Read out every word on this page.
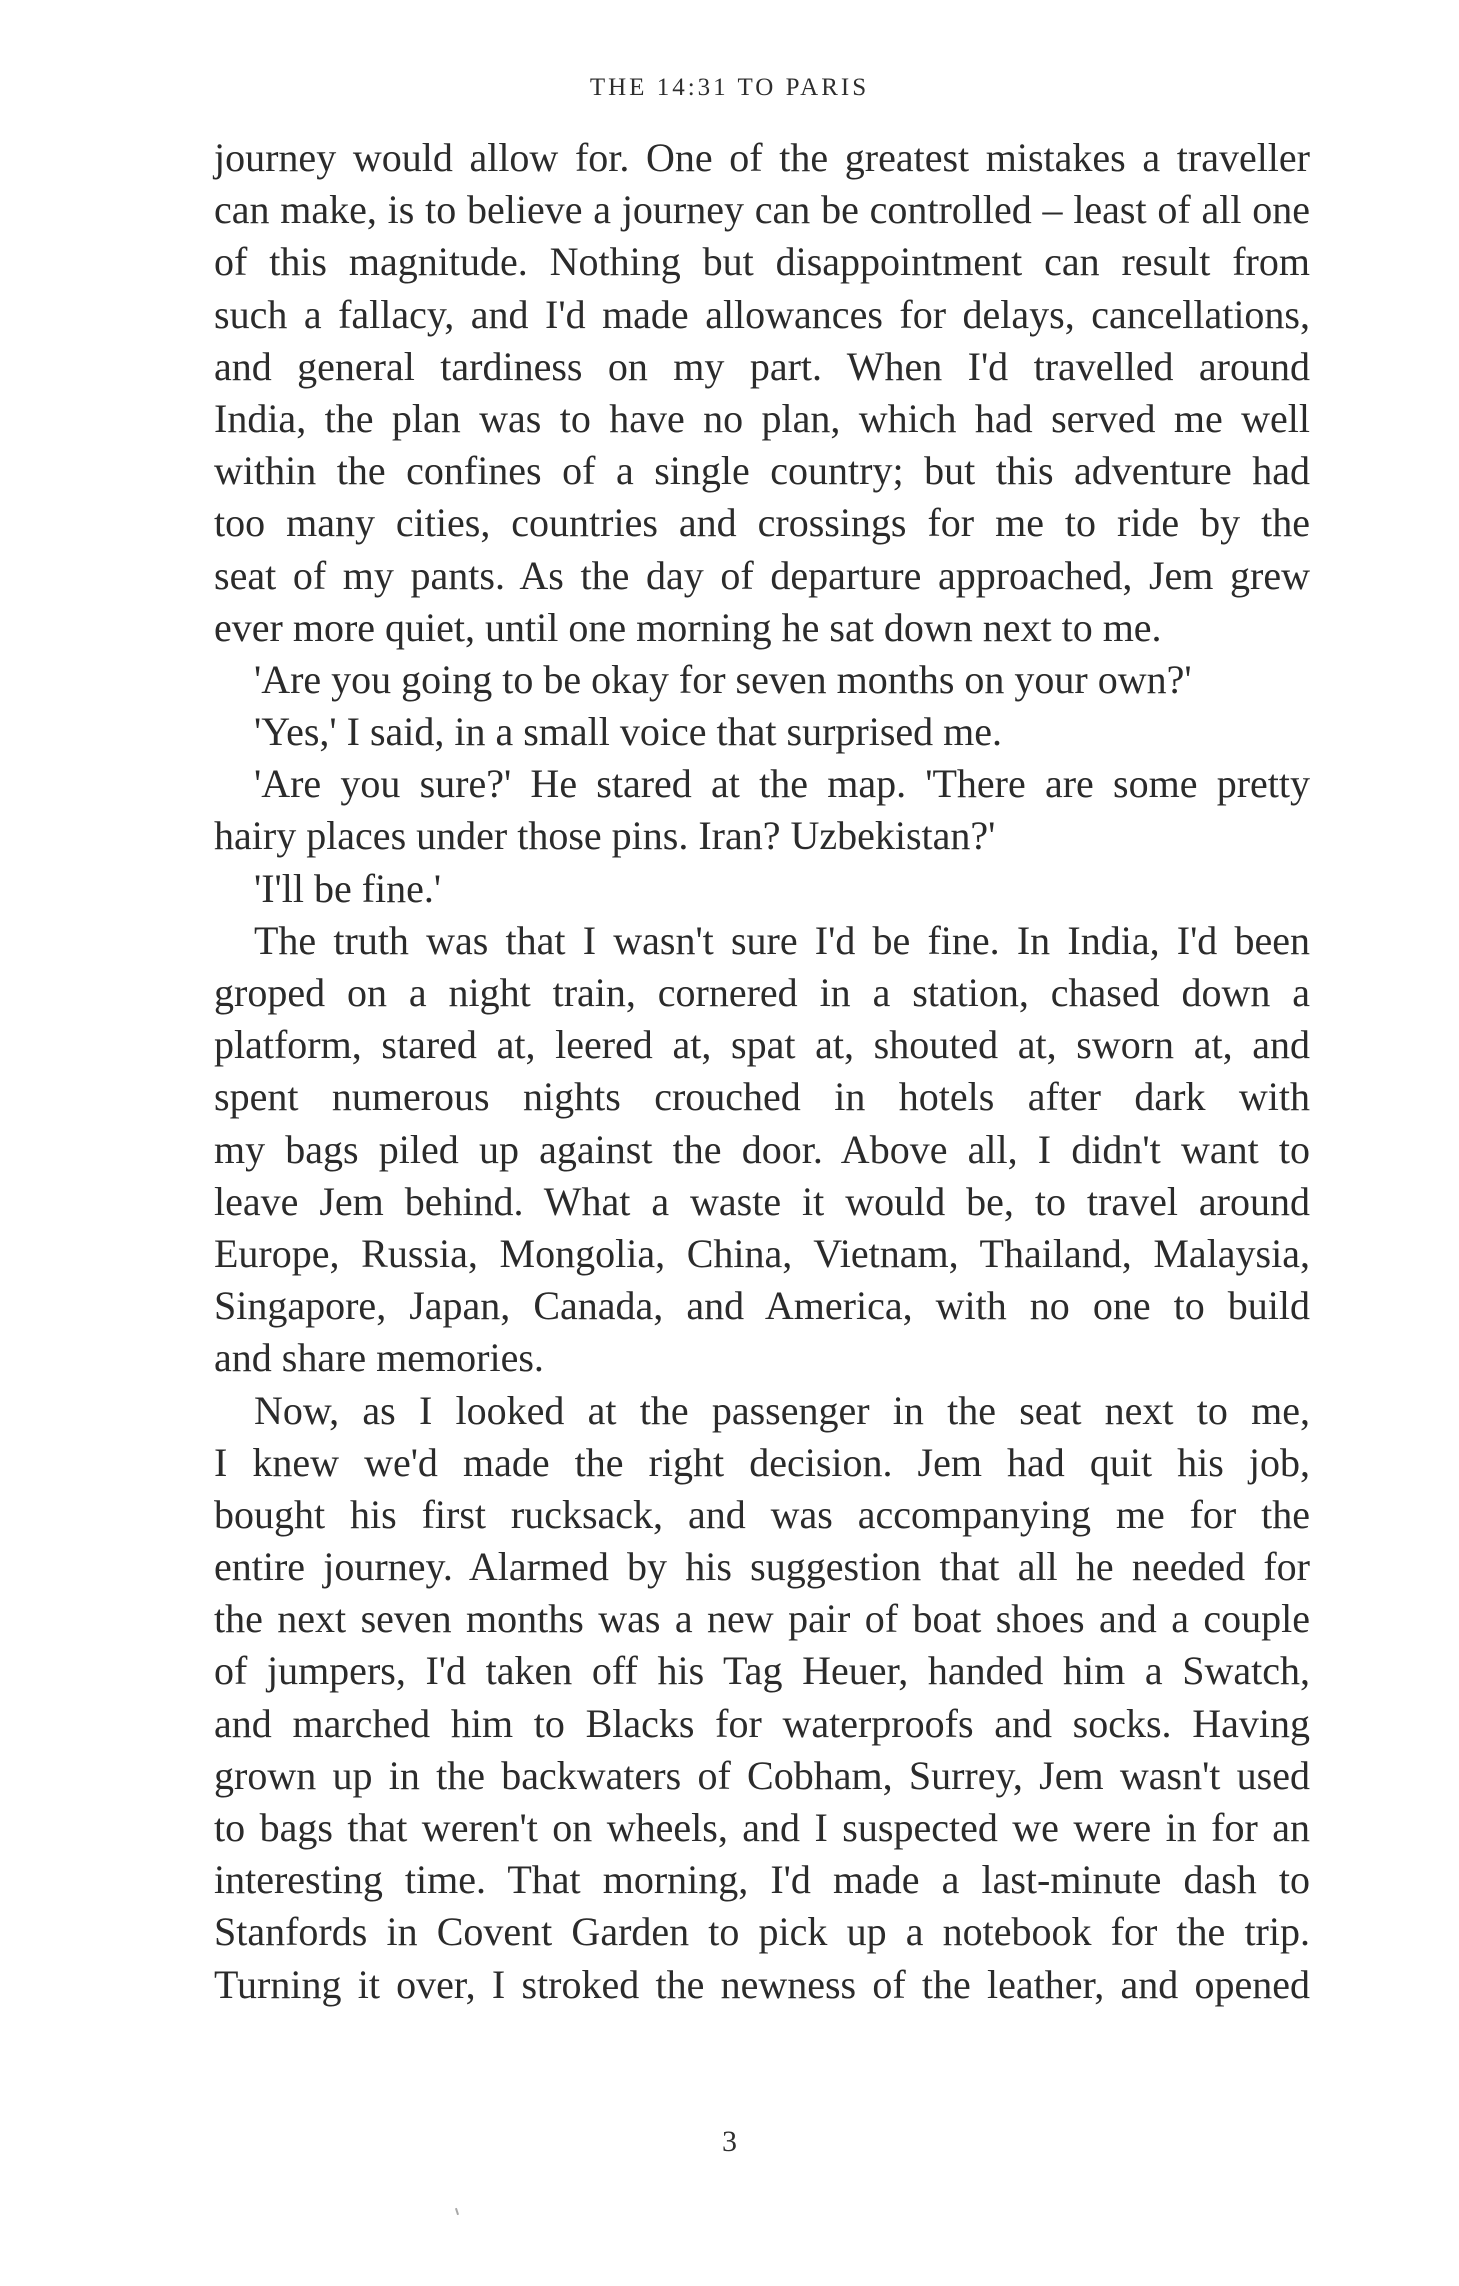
THE 14:31 TO PARIS
journey would allow for. One of the greatest mistakes a traveller
can make, is to believe a journey can be controlled – least of all one
of this magnitude. Nothing but disappointment can result from
such a fallacy, and I'd made allowances for delays, cancellations,
and general tardiness on my part. When I'd travelled around
India, the plan was to have no plan, which had served me well
within the confines of a single country; but this adventure had
too many cities, countries and crossings for me to ride by the
seat of my pants. As the day of departure approached, Jem grew
ever more quiet, until one morning he sat down next to me.
'Are you going to be okay for seven months on your own?'
'Yes,' I said, in a small voice that surprised me.
'Are you sure?' He stared at the map. 'There are some pretty
hairy places under those pins. Iran? Uzbekistan?'
'I'll be fine.'
The truth was that I wasn't sure I'd be fine. In India, I'd been
groped on a night train, cornered in a station, chased down a
platform, stared at, leered at, spat at, shouted at, sworn at, and
spent numerous nights crouched in hotels after dark with
my bags piled up against the door. Above all, I didn't want to
leave Jem behind. What a waste it would be, to travel around
Europe, Russia, Mongolia, China, Vietnam, Thailand, Malaysia,
Singapore, Japan, Canada, and America, with no one to build
and share memories.
Now, as I looked at the passenger in the seat next to me,
I knew we'd made the right decision. Jem had quit his job,
bought his first rucksack, and was accompanying me for the
entire journey. Alarmed by his suggestion that all he needed for
the next seven months was a new pair of boat shoes and a couple
of jumpers, I'd taken off his Tag Heuer, handed him a Swatch,
and marched him to Blacks for waterproofs and socks. Having
grown up in the backwaters of Cobham, Surrey, Jem wasn't used
to bags that weren't on wheels, and I suspected we were in for an
interesting time. That morning, I'd made a last-minute dash to
Stanfords in Covent Garden to pick up a notebook for the trip.
Turning it over, I stroked the newness of the leather, and opened
3
